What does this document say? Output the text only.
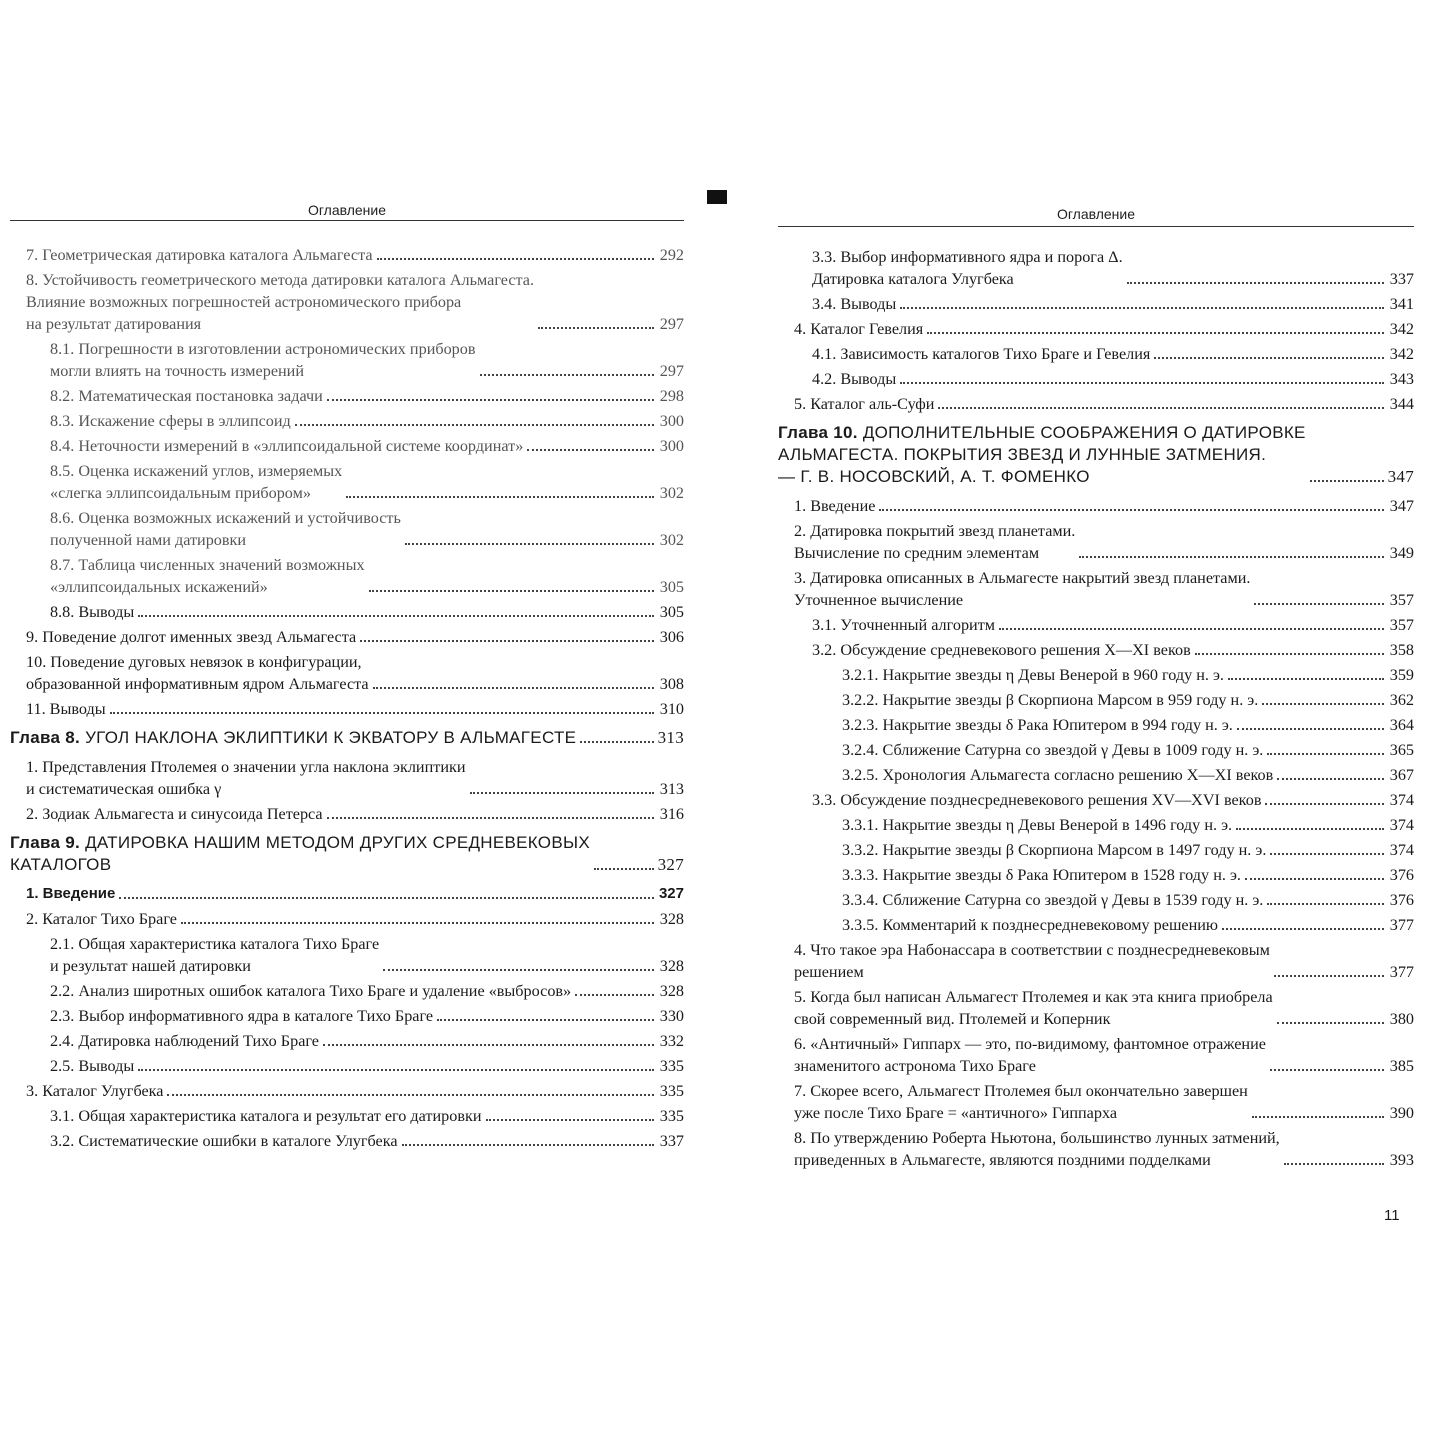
Оглавление
7. Геометрическая датировка каталога Альмагеста	292
8. Устойчивость геометрического метода датировки каталога Альмагеста.
Влияние возможных погрешностей астрономического прибора
на результат датирования	297
8.1. Погрешности в изготовлении астрономических приборов
могли влиять на точность измерений	297
8.2. Математическая постановка задачи	298
8.3. Искажение сферы в эллипсоид	300
8.4. Неточности измерений в «эллипсоидальной системе координат»	300
8.5. Оценка искажений углов, измеряемых
«слегка эллипсоидальным прибором»	302
8.6. Оценка возможных искажений и устойчивость
полученной нами датировки	302
8.7. Таблица численных значений возможных
«эллипсоидальных искажений»	305
8.8. Выводы	305
9. Поведение долгот именных звезд Альмагеста	306
10. Поведение дуговых невязок в конфигурации,
образованной информативным ядром Альмагеста	308
11. Выводы	310
Глава 8. УГОЛ НАКЛОНА ЭКЛИПТИКИ К ЭКВАТОРУ В АЛЬМАГЕСТЕ	313
1. Представления Птолемея о значении угла наклона эклиптики
и систематическая ошибка γ	313
2. Зодиак Альмагеста и синусоида Петерса	316
Глава 9. ДАТИРОВКА НАШИМ МЕТОДОМ ДРУГИХ СРЕДНЕВЕКОВЫХ
КАТАЛОГОВ	327
1. Введение	327
2. Каталог Тихо Браге	328
2.1. Общая характеристика каталога Тихо Браге
и результат нашей датировки	328
2.2. Анализ широтных ошибок каталога Тихо Браге и удаление «выбросов»	328
2.3. Выбор информативного ядра в каталоге Тихо Браге	330
2.4. Датировка наблюдений Тихо Браге	332
2.5. Выводы	335
3. Каталог Улугбека	335
3.1. Общая характеристика каталога и результат его датировки	335
3.2. Систематические ошибки в каталоге Улугбека	337
Оглавление
3.3. Выбор информативного ядра и порога Δ.
Датировка каталога Улугбека	337
3.4. Выводы	341
4. Каталог Гевелия	342
4.1. Зависимость каталогов Тихо Браге и Гевелия	342
4.2. Выводы	343
5. Каталог аль-Суфи	344
Глава 10. ДОПОЛНИТЕЛЬНЫЕ СООБРАЖЕНИЯ О ДАТИРОВКЕ
АЛЬМАГЕСТА. ПОКРЫТИЯ ЗВЕЗД И ЛУННЫЕ ЗАТМЕНИЯ.
— Г. В. НОСОВСКИЙ, А. Т. ФОМЕНКО	347
1. Введение	347
2. Датировка покрытий звезд планетами.
Вычисление по средним элементам	349
3. Датировка описанных в Альмагесте накрытий звезд планетами.
Уточненное вычисление	357
3.1. Уточненный алгоритм	357
3.2. Обсуждение средневекового решения X—XI веков	358
3.2.1. Накрытие звезды η Девы Венерой в 960 году н. э.	359
3.2.2. Накрытие звезды β Скорпиона Марсом в 959 году н. э.	362
3.2.3. Накрытие звезды δ Рака Юпитером в 994 году н. э.	364
3.2.4. Сближение Сатурна со звездой γ Девы в 1009 году н. э.	365
3.2.5. Хронология Альмагеста согласно решению X—XI веков	367
3.3. Обсуждение позднесредневекового решения XV—XVI веков	374
3.3.1. Накрытие звезды η Девы Венерой в 1496 году н. э.	374
3.3.2. Накрытие звезды β Скорпиона Марсом в 1497 году н. э.	374
3.3.3. Накрытие звезды δ Рака Юпитером в 1528 году н. э.	376
3.3.4. Сближение Сатурна со звездой γ Девы в 1539 году н. э.	376
3.3.5. Комментарий к позднесредневековому решению	377
4. Что такое эра Набонассара в соответствии с позднесредневековым
решением	377
5. Когда был написан Альмагест Птолемея и как эта книга приобрела
свой современный вид. Птолемей и Коперник	380
6. «Античный» Гиппарх — это, по-видимому, фантомное отражение
знаменитого астронома Тихо Браге	385
7. Скорее всего, Альмагест Птолемея был окончательно завершен
уже после Тихо Браге = «античного» Гиппарха	390
8. По утверждению Роберта Ньютона, большинство лунных затмений,
приведенных в Альмагесте, являются поздними подделками	393
11
